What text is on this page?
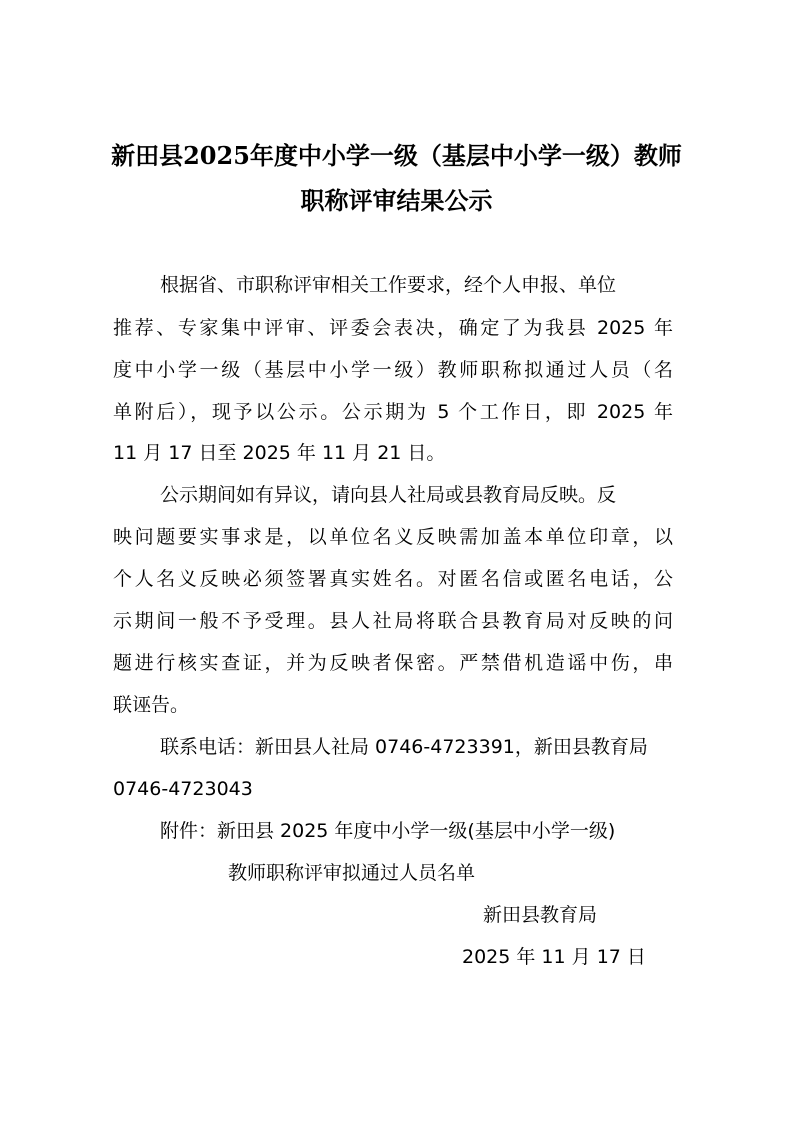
新田县2025年度中小学一级（基层中小学一级）教师
职称评审结果公示

根据省、市职称评审相关工作要求，经个人申报、单位

推荐、专家集中评审、评委会表决，确定了为我县 2025 年

度中小学一级（基层中小学一级）教师职称拟通过人员（名

单附后），现予以公示。公示期为 5 个工作日，即 2025 年

11 月 17 日至 2025 年 11 月 21 日。

公示期间如有异议，请向县人社局或县教育局反映。反

映问题要实事求是，以单位名义反映需加盖本单位印章，以

个人名义反映必须签署真实姓名。对匿名信或匿名电话，公

示期间一般不予受理。县人社局将联合县教育局对反映的问

题进行核实查证，并为反映者保密。严禁借机造谣中伤，串

联诬告。

联系电话：新田县人社局 0746-4723391，新田县教育局

0746-4723043

附件：新田县 2025 年度中小学一级(基层中小学一级)

教师职称评审拟通过人员名单

新田县教育局

2025 年 11 月 17 日
